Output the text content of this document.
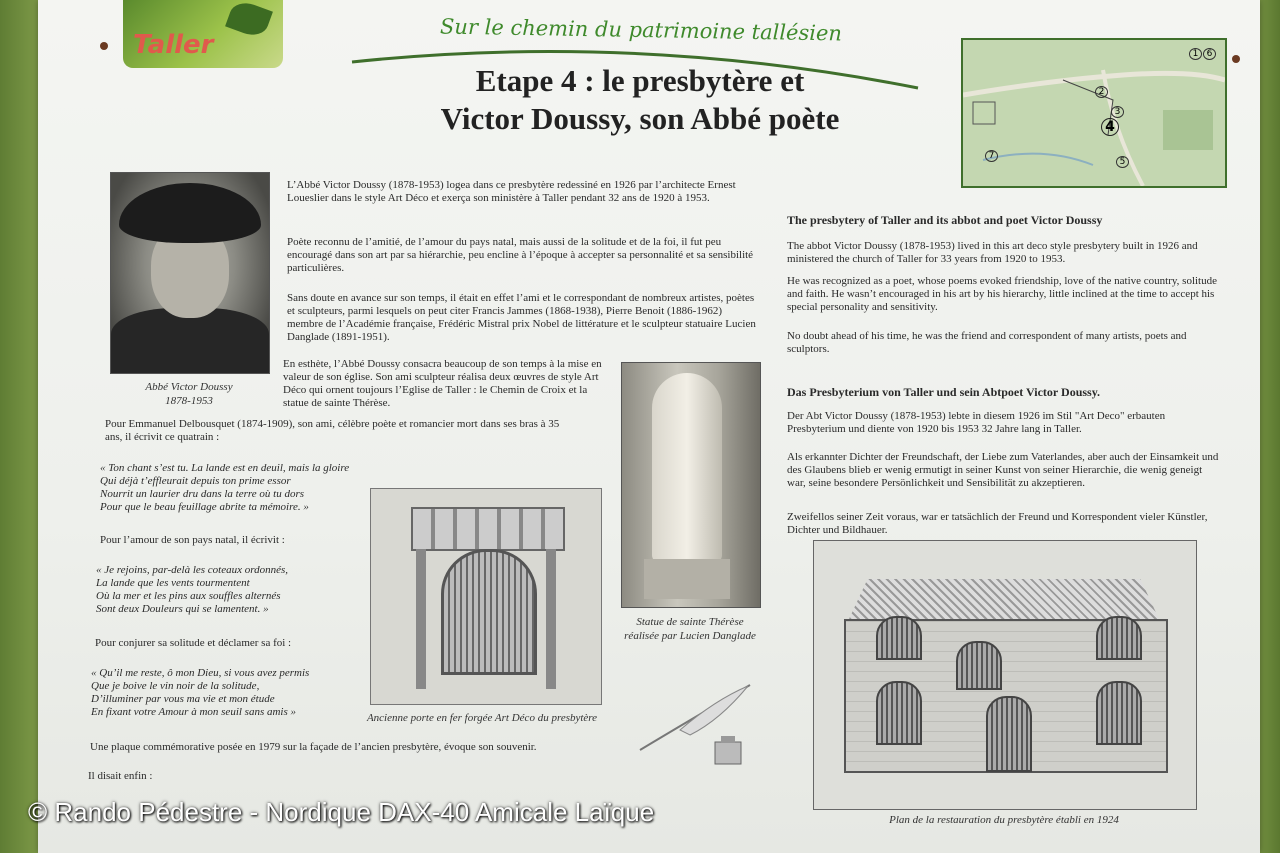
Taller	Sur le chemin du patrimoine tallésien
Etape 4 : le presbytère et
Victor Doussy, son Abbé poète	4
7
2
3
5
1 6
Abbé Victor Doussy
1878-1953
L’Abbé Victor Doussy (1878-1953) logea dans ce presbytère redessiné en 1926 par l’architecte Ernest Loueslier dans le style Art Déco et exerça son ministère à Taller pendant 32 ans de 1920 à 1953.
Poète reconnu de l’amitié, de l’amour du pays natal, mais aussi de la solitude et de la foi, il fut peu encouragé dans son art par sa hiérarchie, peu encline à l’époque à accepter sa personnalité et sa sensibilité particulières.
Sans doute en avance sur son temps, il était en effet l’ami et le correspondant de nombreux artistes, poètes et sculpteurs, parmi lesquels on peut citer Francis Jammes (1868-1938), Pierre Benoit (1886-1962) membre de l’Académie française, Frédéric Mistral prix Nobel de littérature et le sculpteur statuaire Lucien Danglade (1891-1951).
En esthète, l’Abbé Doussy consacra beaucoup de son temps à la mise en valeur de son église. Son ami sculpteur réalisa deux œuvres de style Art Déco qui ornent toujours l’Eglise de Taller : le Chemin de Croix et la statue de sainte Thérèse.
Pour Emmanuel Delbousquet (1874-1909), son ami, célèbre poète et romancier mort dans ses bras à 35 ans, il écrivit ce quatrain :
« Ton chant s’est tu. La lande est en deuil, mais la gloire
Qui déjà t’effleurait depuis ton prime essor
Nourrit un laurier dru dans la terre où tu dors
Pour que le beau feuillage abrite ta mémoire. »
Pour l’amour de son pays natal, il écrivit :
« Je rejoins, par-delà les coteaux ordonnés,
La lande que les vents tourmentent
Où la mer et les pins aux souffles alternés
Sont deux Douleurs qui se lamentent. »
Pour conjurer sa solitude et déclamer sa foi :
« Qu’il me reste, ô mon Dieu, si vous avez permis
Que je boive le vin noir de la solitude,
D’illuminer par vous ma vie et mon étude
En fixant votre Amour à mon seuil sans amis »
Une plaque commémorative posée en 1979 sur la façade de l’ancien presbytère, évoque son souvenir.
Il disait enfin :
Ancienne porte en fer forgée Art Déco du presbytère
Statue de sainte Thérèse
réalisée par Lucien Danglade
The presbytery of Taller and its abbot and poet Victor Doussy
The abbot Victor Doussy (1878-1953) lived in this art deco style presbytery built in 1926 and ministered the church of Taller for 33 years from 1920 to 1953.
He was recognized as a poet, whose poems evoked friendship, love of the native country, solitude and faith. He wasn’t encouraged in his art by his hierarchy, little inclined at the time to accept his special personality and sensitivity.
No doubt ahead of his time, he was the friend and correspondent of many artists, poets and sculptors.
Das Presbyterium von Taller und sein Abtpoet Victor Doussy.
Der Abt Victor Doussy (1878-1953) lebte in diesem 1926 im Stil "Art Deco" erbauten Presbyterium und diente von 1920 bis 1953 32 Jahre lang in Taller.
Als erkannter Dichter der Freundschaft, der Liebe zum Vaterlandes, aber auch der Einsamkeit und des Glaubens blieb er wenig ermutigt in seiner Kunst von seiner Hierarchie, die wenig geneigt war, seine besondere Persönlichkeit und Sensibilität zu akzeptieren.
Zweifellos seiner Zeit voraus, war er tatsächlich der Freund und Korrespondent vieler Künstler, Dichter und Bildhauer.
Plan de la restauration du presbytère établi en 1924
© Rando Pédestre - Nordique DAX-40 Amicale Laïque
